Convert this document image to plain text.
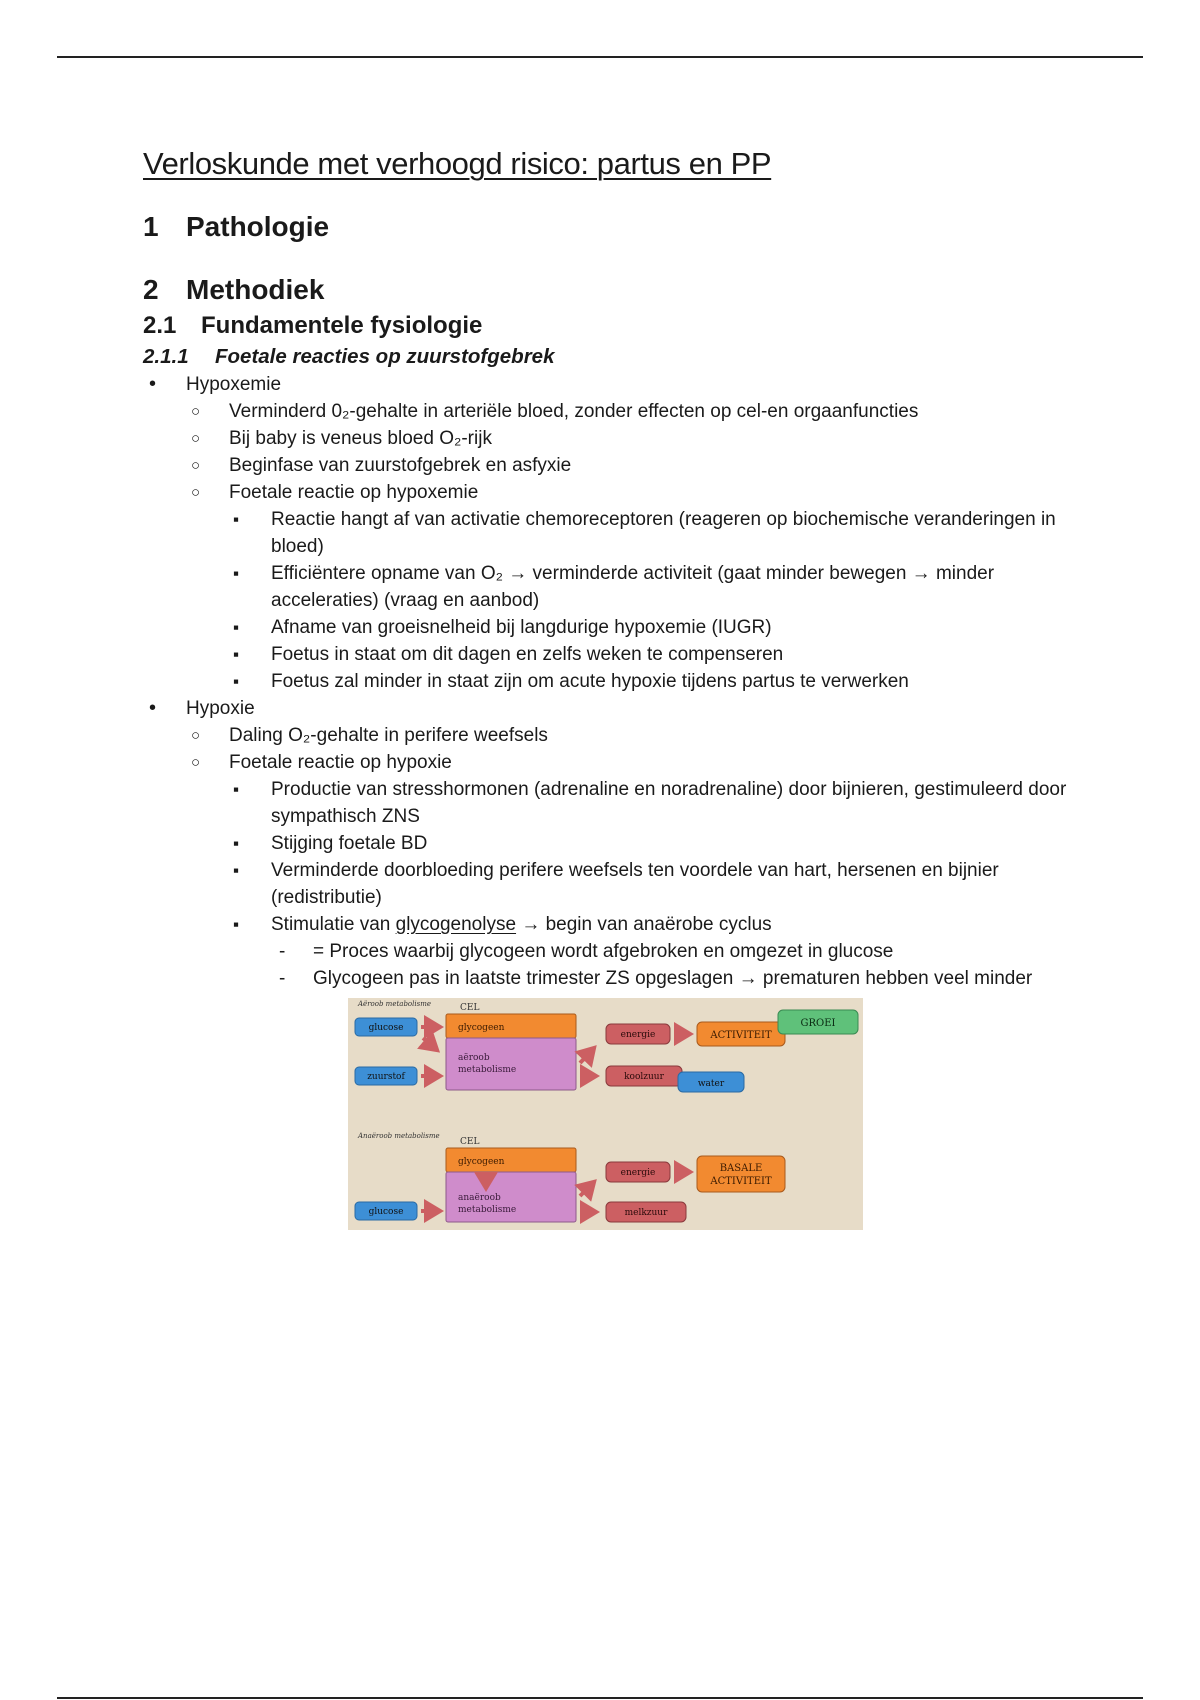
Verloskunde met verhoogd risico: partus en PP
1 Pathologie
2 Methodiek
2.1	Fundamentele fysiologie
2.1.1	Foetale reacties op zuurstofgebrek
• Hypoxemie
○ Verminderd 0₂-gehalte in arteriële bloed, zonder effecten op cel-en orgaanfuncties
○ Bij baby is veneus bloed O₂-rijk
○ Beginfase van zuurstofgebrek en asfyxie
○ Foetale reactie op hypoxemie
▪ Reactie hangt af van activatie chemoreceptoren (reageren op biochemische veranderingen in bloed)
▪ Efficiëntere opname van O₂ → verminderde activiteit (gaat minder bewegen → minder acceleraties) (vraag en aanbod)
▪ Afname van groeisnelheid bij langdurige hypoxemie (IUGR)
▪ Foetus in staat om dit dagen en zelfs weken te compenseren
▪ Foetus zal minder in staat zijn om acute hypoxie tijdens partus te verwerken
• Hypoxie
○ Daling O₂-gehalte in perifere weefsels
○ Foetale reactie op hypoxie
▪ Productie van stresshormonen (adrenaline en noradrenaline) door bijnieren, gestimuleerd door sympathisch ZNS
▪ Stijging foetale BD
▪ Verminderde doorbloeding perifere weefsels ten voordele van hart, hersenen en bijnier (redistributie)
▪ Stimulatie van glycogenolyse → begin van anaërobe cyclus
- = Proces waarbij glycogeen wordt afgebroken en omgezet in glucose
- Glycogeen pas in laatste trimester ZS opgeslagen → prematuren hebben veel minder
Aëroob metabolisme	CEL
glucose
zuurstof
glycogeen
aëroob
metabolisme
energie	ACTIVITEIT
GROEI
koolzuur
water
Anaëroob metabolisme
CEL
glycogeen
anaëroob
metabolisme
glucose
energie	BASALE
ACTIVITEIT
melkzuur
